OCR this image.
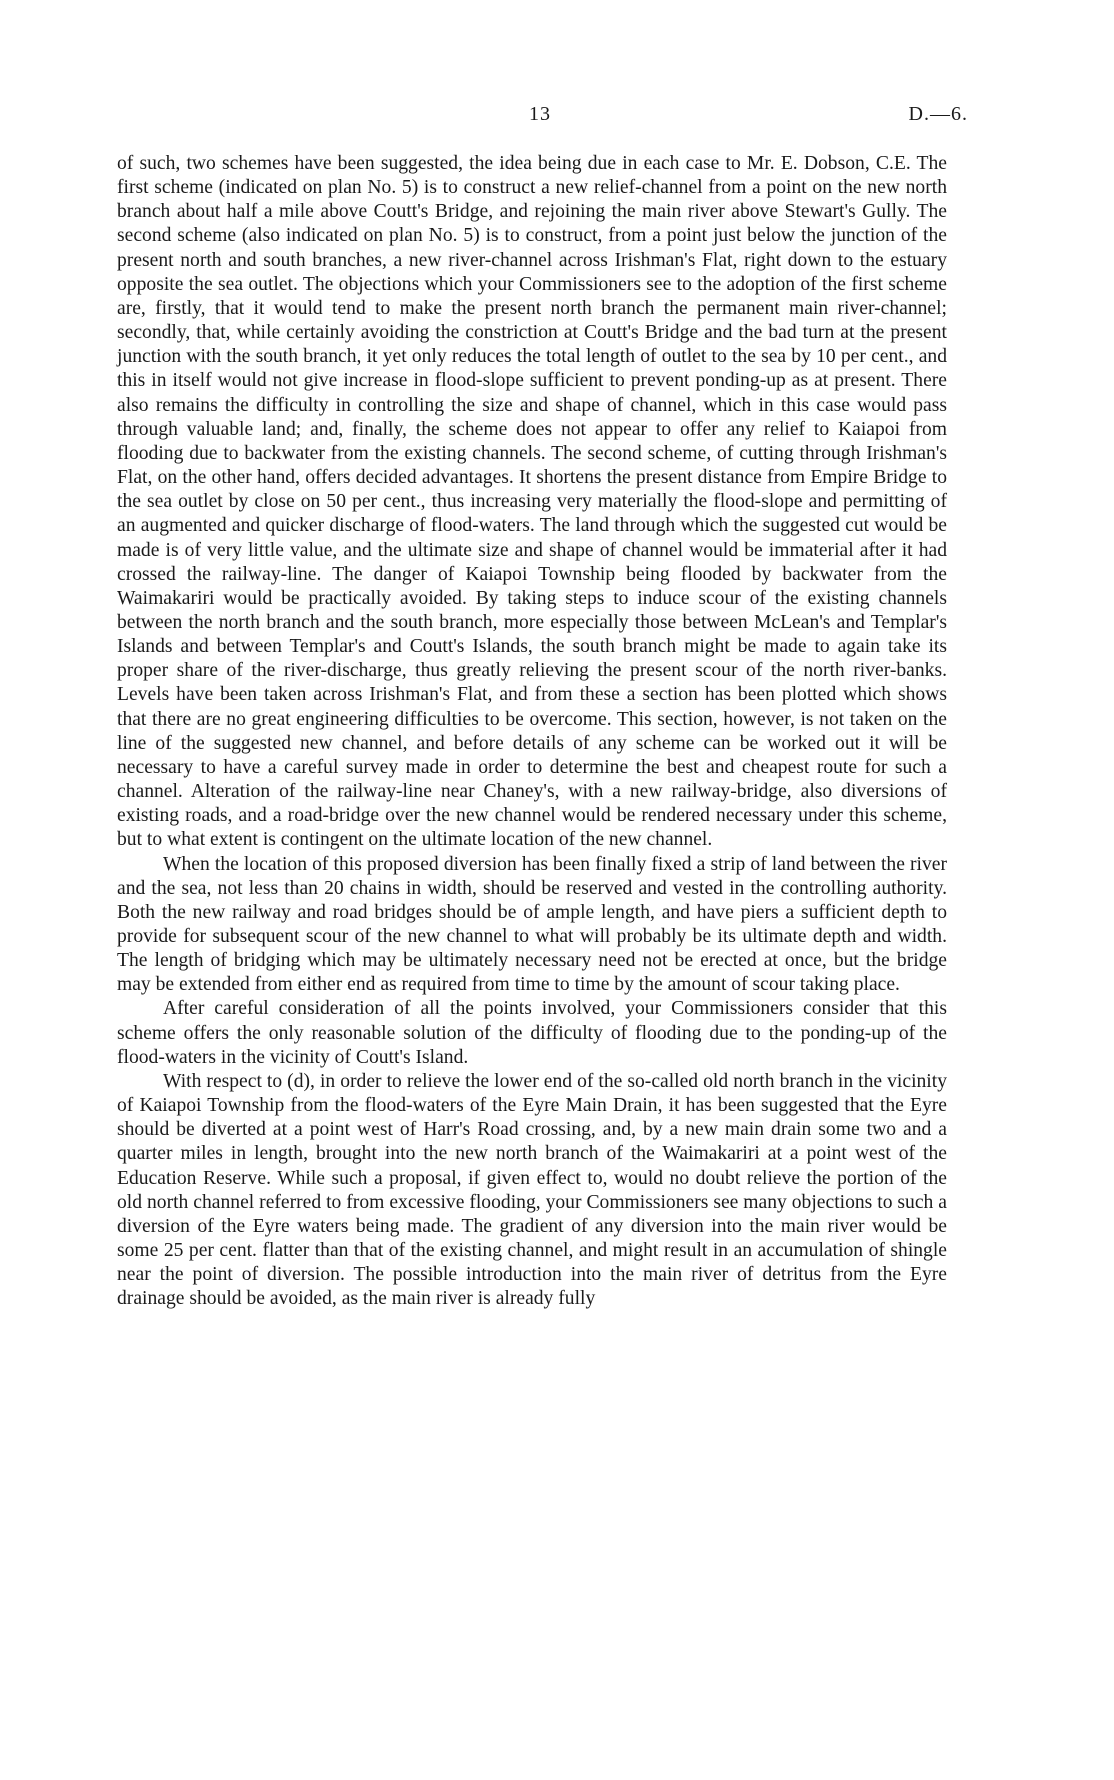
13	D.—6.

of such, two schemes have been suggested, the idea being due in each case to Mr. E. Dobson, C.E. The first scheme (indicated on plan No. 5) is to construct a new relief-channel from a point on the new north branch about half a mile above Coutt's Bridge, and rejoining the main river above Stewart's Gully. The second scheme (also indicated on plan No. 5) is to construct, from a point just below the junction of the present north and south branches, a new river-channel across Irishman's Flat, right down to the estuary opposite the sea outlet. The objections which your Commissioners see to the adoption of the first scheme are, firstly, that it would tend to make the present north branch the permanent main river-channel; secondly, that, while certainly avoiding the constriction at Coutt's Bridge and the bad turn at the present junction with the south branch, it yet only reduces the total length of outlet to the sea by 10 per cent., and this in itself would not give increase in flood-slope sufficient to prevent ponding-up as at present. There also remains the difficulty in controlling the size and shape of channel, which in this case would pass through valuable land; and, finally, the scheme does not appear to offer any relief to Kaiapoi from flooding due to backwater from the existing channels. The second scheme, of cutting through Irishman's Flat, on the other hand, offers decided advantages. It shortens the present distance from Empire Bridge to the sea outlet by close on 50 per cent., thus increasing very materially the flood-slope and permitting of an augmented and quicker discharge of flood-waters. The land through which the suggested cut would be made is of very little value, and the ultimate size and shape of channel would be immaterial after it had crossed the railway-line. The danger of Kaiapoi Township being flooded by backwater from the Waimakariri would be practically avoided. By taking steps to induce scour of the existing channels between the north branch and the south branch, more especially those between McLean's and Templar's Islands and between Templar's and Coutt's Islands, the south branch might be made to again take its proper share of the river-discharge, thus greatly relieving the present scour of the north river-banks. Levels have been taken across Irishman's Flat, and from these a section has been plotted which shows that there are no great engineering difficulties to be overcome. This section, however, is not taken on the line of the suggested new channel, and before details of any scheme can be worked out it will be necessary to have a careful survey made in order to determine the best and cheapest route for such a channel. Alteration of the railway-line near Chaney's, with a new railway-bridge, also diversions of existing roads, and a road-bridge over the new channel would be rendered necessary under this scheme, but to what extent is contingent on the ultimate location of the new channel.

When the location of this proposed diversion has been finally fixed a strip of land between the river and the sea, not less than 20 chains in width, should be reserved and vested in the controlling authority. Both the new railway and road bridges should be of ample length, and have piers a sufficient depth to provide for subsequent scour of the new channel to what will probably be its ultimate depth and width. The length of bridging which may be ultimately necessary need not be erected at once, but the bridge may be extended from either end as required from time to time by the amount of scour taking place.

After careful consideration of all the points involved, your Commissioners consider that this scheme offers the only reasonable solution of the difficulty of flooding due to the ponding-up of the flood-waters in the vicinity of Coutt's Island.

With respect to (d), in order to relieve the lower end of the so-called old north branch in the vicinity of Kaiapoi Township from the flood-waters of the Eyre Main Drain, it has been suggested that the Eyre should be diverted at a point west of Harr's Road crossing, and, by a new main drain some two and a quarter miles in length, brought into the new north branch of the Waimakariri at a point west of the Education Reserve. While such a proposal, if given effect to, would no doubt relieve the portion of the old north channel referred to from excessive flooding, your Commissioners see many objections to such a diversion of the Eyre waters being made. The gradient of any diversion into the main river would be some 25 per cent. flatter than that of the existing channel, and might result in an accumulation of shingle near the point of diversion. The possible introduction into the main river of detritus from the Eyre drainage should be avoided, as the main river is already fully
